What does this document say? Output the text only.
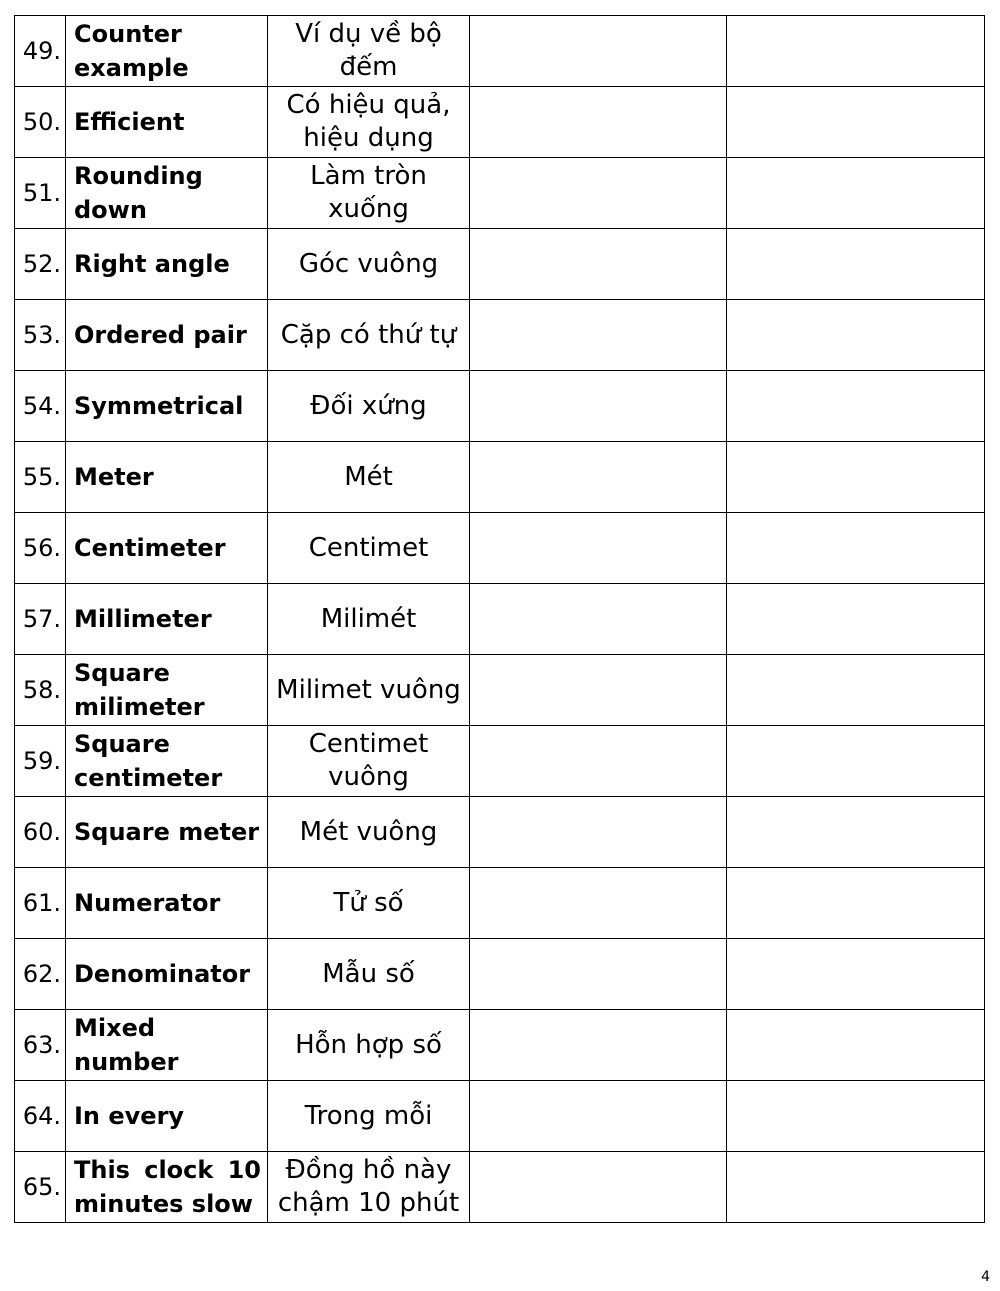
49.	Counter example	Ví dụ về bộ đếm		
50.	Efficient	Có hiệu quả, hiệu dụng		
51.	Rounding down	Làm tròn xuống		
52.	Right angle	Góc vuông		
53.	Ordered pair	Cặp có thứ tự		
54.	Symmetrical	Đối xứng		
55.	Meter	Mét		
56.	Centimeter	Centimet		
57.	Millimeter	Milimét		
58.	Square milimeter	Milimet vuông		
59.	Square centimeter	Centimet vuông		
60.	Square meter	Mét vuông		
61.	Numerator	Tử số		
62.	Denominator	Mẫu số		
63.	Mixed number	Hỗn hợp số		
64.	In every	Trong mỗi		
65.	This clock 10 minutes slow	Đồng hồ này chậm 10 phút		
4
